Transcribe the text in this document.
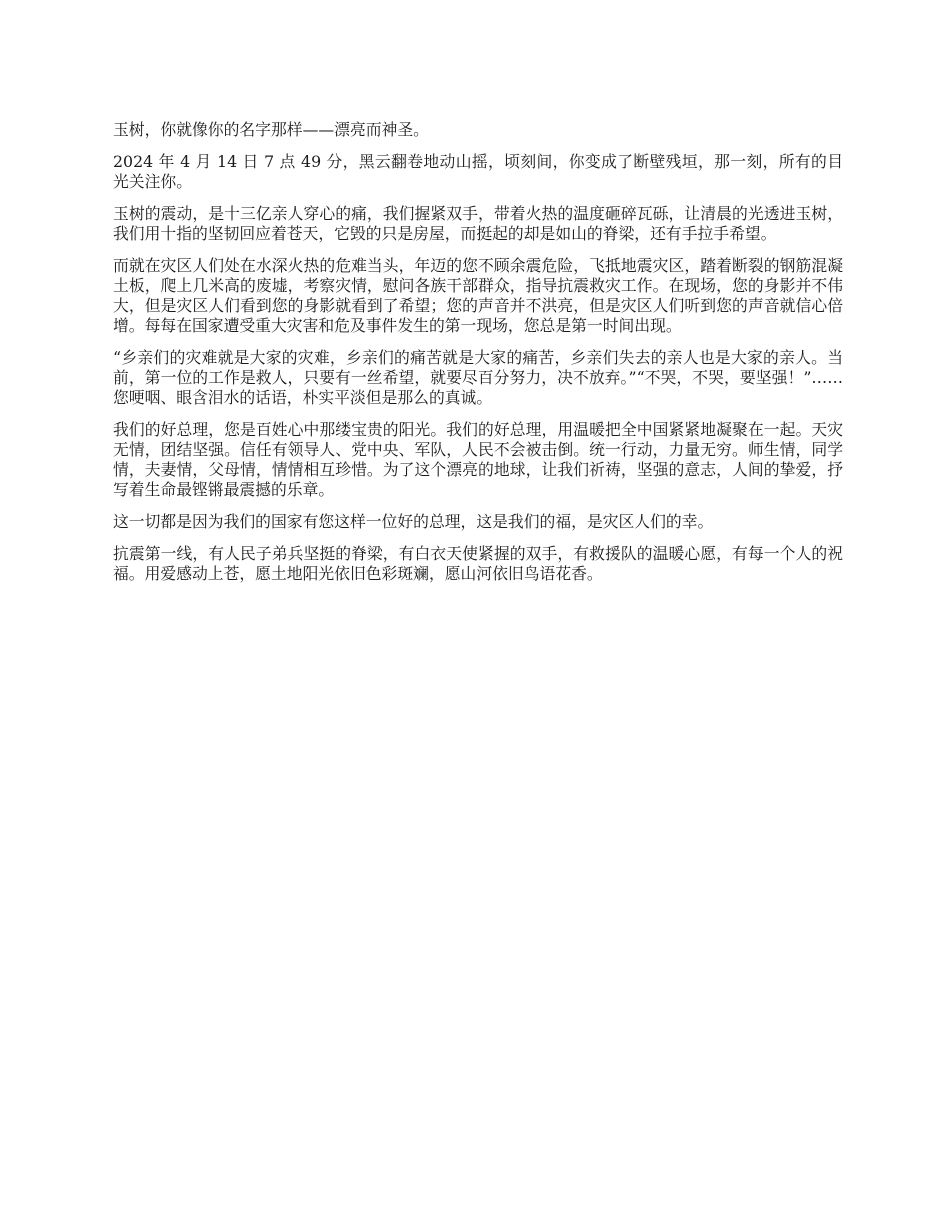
玉树，你就像你的名字那样——漂亮而神圣。

2024 年 4 月 14 日 7 点 49 分，黑云翻卷地动山摇，顷刻间，你变成了断壁残垣，那一刻，所有的目光关注你。

玉树的震动，是十三亿亲人穿心的痛，我们握紧双手，带着火热的温度砸碎瓦砾，让清晨的光透进玉树，我们用十指的坚韧回应着苍天，它毁的只是房屋，而挺起的却是如山的脊梁，还有手拉手希望。

而就在灾区人们处在水深火热的危难当头，年迈的您不顾余震危险，飞抵地震灾区，踏着断裂的钢筋混凝土板，爬上几米高的废墟，考察灾情，慰问各族干部群众，指导抗震救灾工作。在现场，您的身影并不伟大，但是灾区人们看到您的身影就看到了希望；您的声音并不洪亮，但是灾区人们听到您的声音就信心倍增。每每在国家遭受重大灾害和危及事件发生的第一现场，您总是第一时间出现。

“乡亲们的灾难就是大家的灾难，乡亲们的痛苦就是大家的痛苦，乡亲们失去的亲人也是大家的亲人。当前，第一位的工作是救人，只要有一丝希望，就要尽百分努力，决不放弃。”“不哭，不哭，要坚强！”……您哽咽、眼含泪水的话语，朴实平淡但是那么的真诚。

我们的好总理，您是百姓心中那缕宝贵的阳光。我们的好总理，用温暖把全中国紧紧地凝聚在一起。天灾无情，团结坚强。信任有领导人、党中央、军队，人民不会被击倒。统一行动，力量无穷。师生情，同学情，夫妻情，父母情，情情相互珍惜。为了这个漂亮的地球，让我们祈祷，坚强的意志，人间的挚爱，抒写着生命最铿锵最震撼的乐章。

这一切都是因为我们的国家有您这样一位好的总理，这是我们的福，是灾区人们的幸。

抗震第一线，有人民子弟兵坚挺的脊梁，有白衣天使紧握的双手，有救援队的温暖心愿，有每一个人的祝福。用爱感动上苍，愿土地阳光依旧色彩斑斓，愿山河依旧鸟语花香。
